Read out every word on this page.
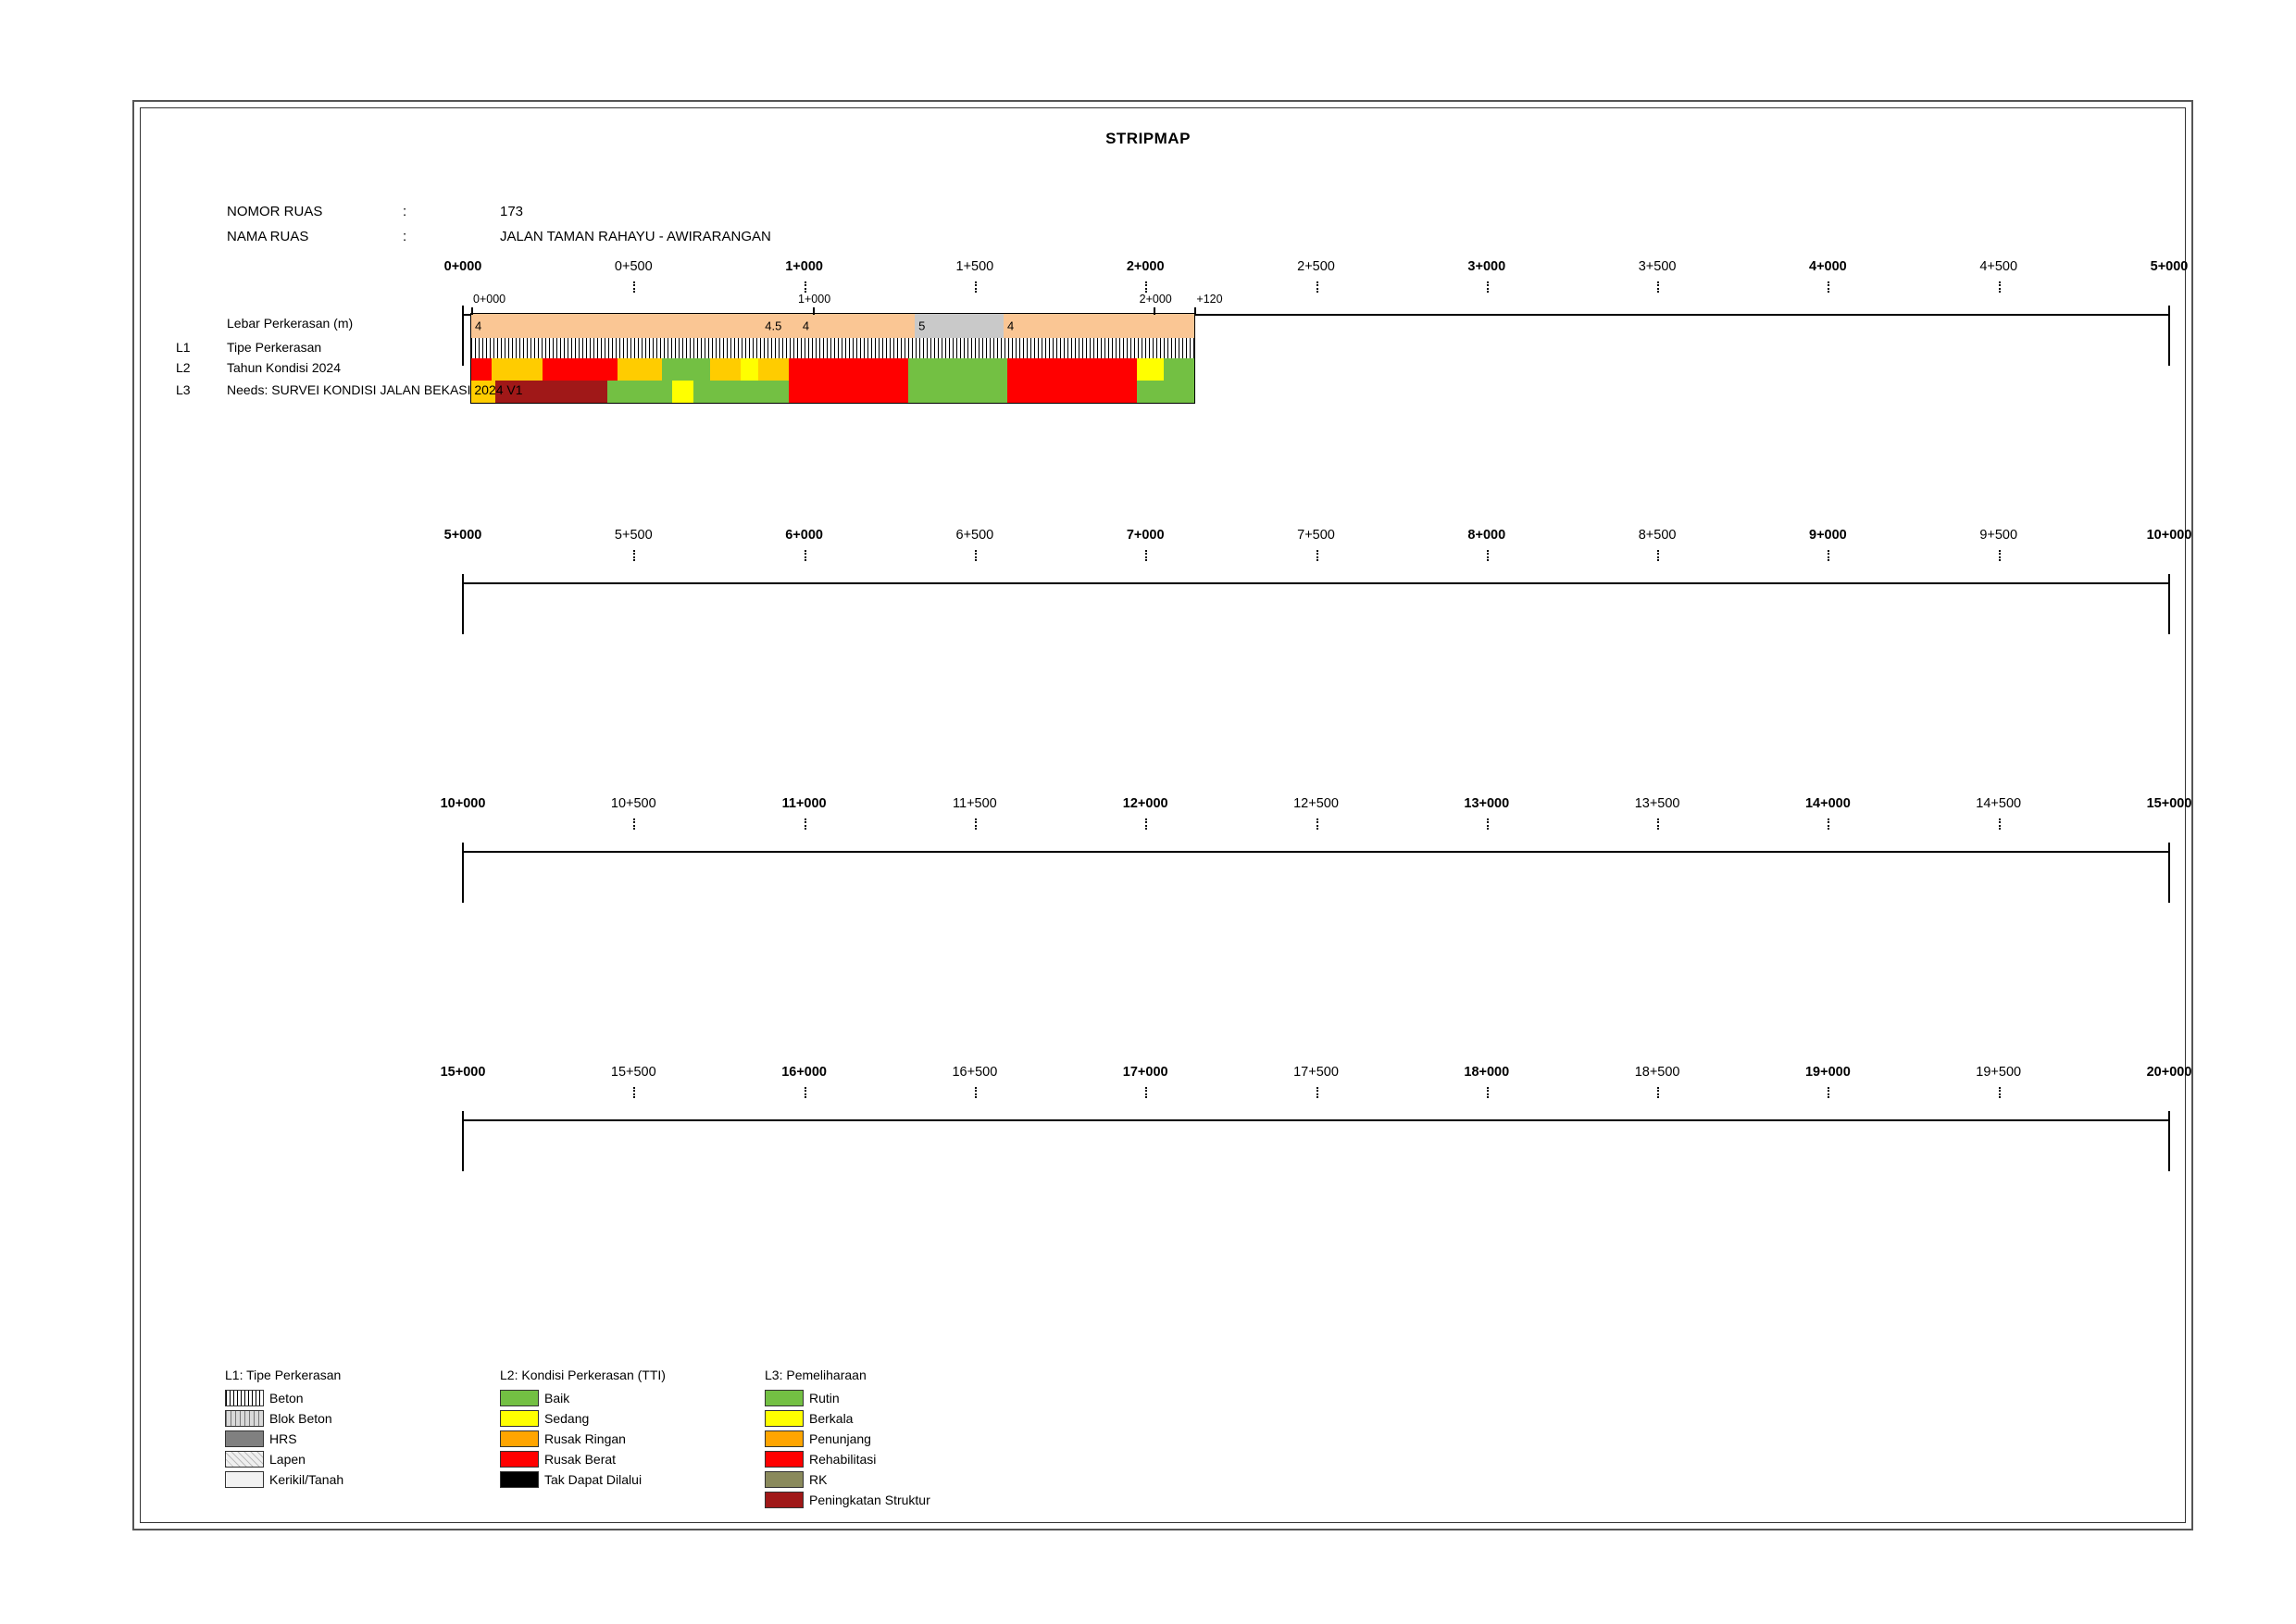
STRIPMAP
NOMOR RUAS	:	173
NAMA RUAS	:	JALAN TAMAN RAHAYU - AWIRARANGAN
0+000	0+500	1+000	1+500	2+000	2+500	3+000	3+500	4+000	4+500	5+000
4	4.5 4	5	4
0+000	1+000	2+000 +120
Lebar Perkerasan (m)
Tipe Perkerasan
L1
Tahun Kondisi 2024
L2
Needs: SURVEI KONDISI JALAN BEKASI 2024 V1
L3
5+000	5+500	6+000	6+500	7+000	7+500	8+000	8+500	9+000	9+500	10+000
10+000	10+500	11+000	11+500	12+000	12+500	13+000	13+500	14+000	14+500	15+000
15+000	15+500	16+000	16+500	17+000	17+500	18+000	18+500	19+000	19+500	20+000
L1: Tipe Perkerasan
Beton
Blok Beton
HRS
Lapen
Kerikil/Tanah
L2: Kondisi Perkerasan (TTI)
Baik
Sedang
Rusak Ringan
Rusak Berat
Tak Dapat Dilalui
L3: Pemeliharaan
Rutin
Berkala
Penunjang
Rehabilitasi
RK
Peningkatan Struktur
